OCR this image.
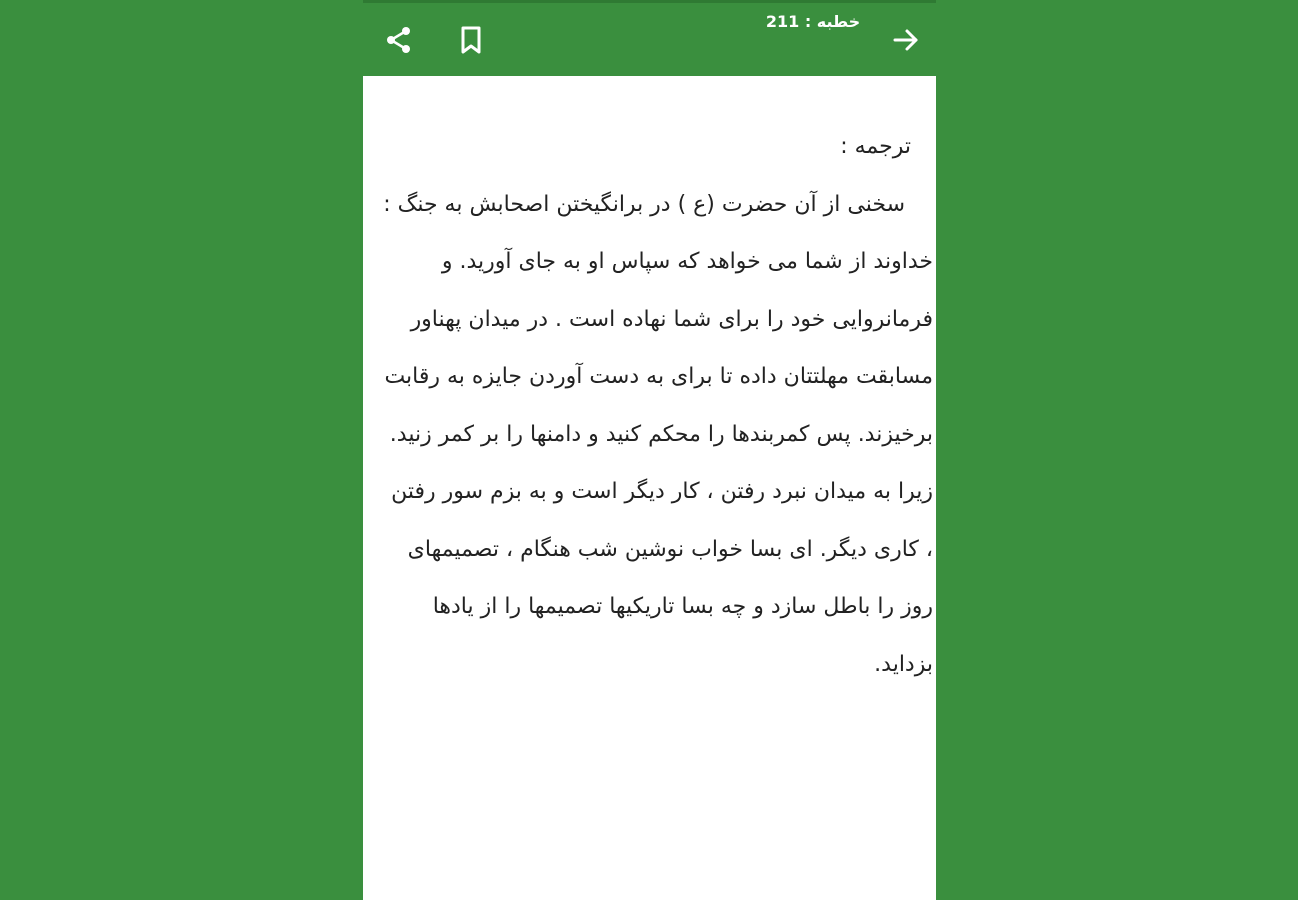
خطبه : 211

ترجمه :

سخنی از آن حضرت (ع ) در برانگیختن اصحابش به جنگ :

خداوند از شما می خواهد که سپاس او به جای آورید. و فرمانروایی خود را برای شما نهاده است . در میدان پهناور مسابقت مهلتتان داده تا برای به دست آوردن جایزه به رقابت برخیزند. پس کمربندها را محکم کنید و دامنها را بر کمر زنید. زیرا به میدان نبرد رفتن ، کار دیگر است و به بزم سور رفتن ، کاری دیگر. ای بسا خواب نوشین شب هنگام ، تصمیمهای روز را باطل سازد و چه بسا تاریکیها تصمیمها را از یادها بزداید.
